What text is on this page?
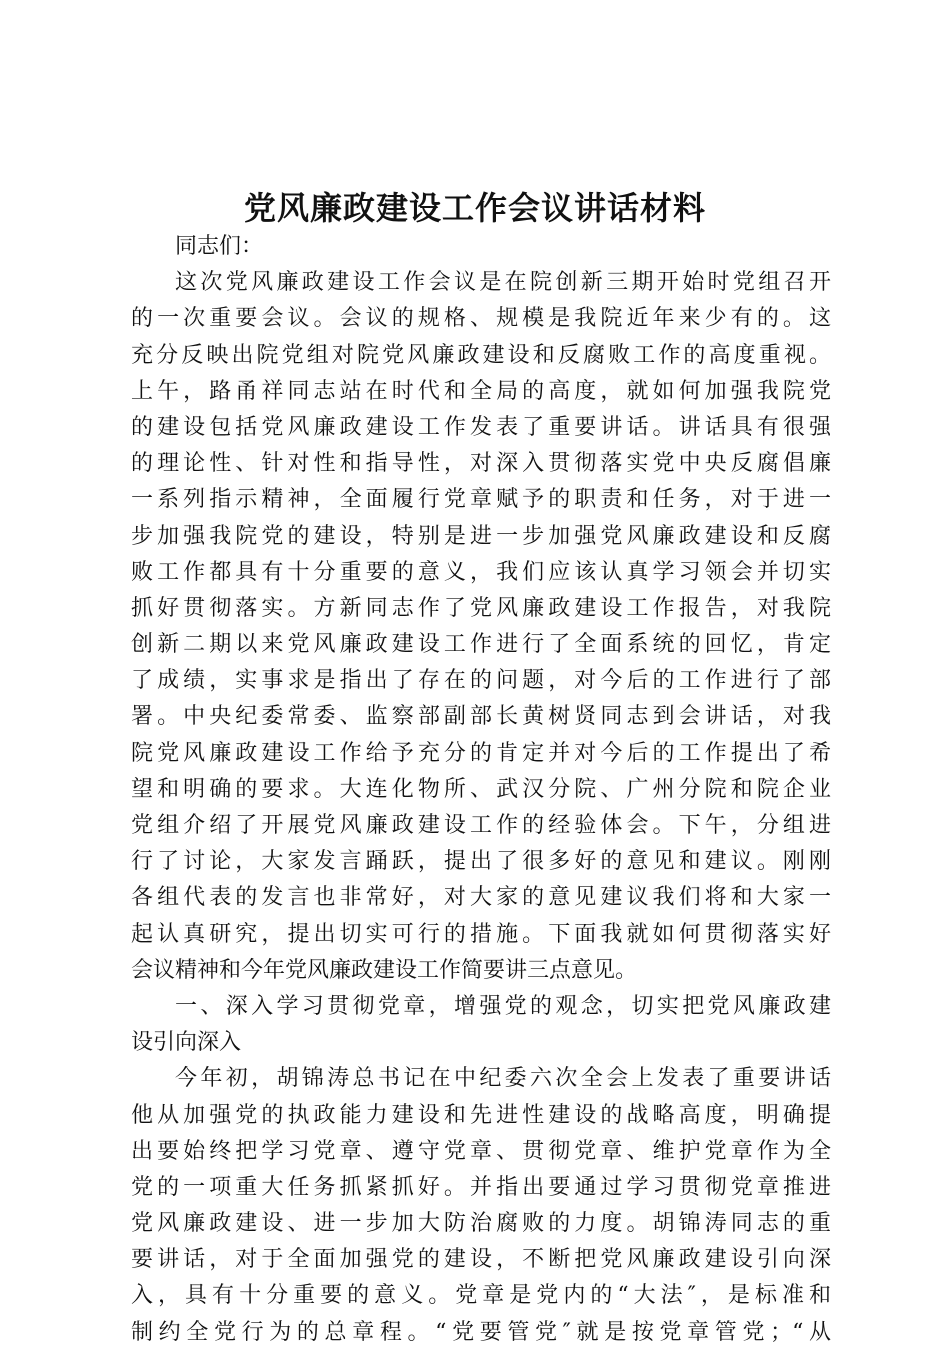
党风廉政建设工作会议讲话材料
同志们：
这次党风廉政建设工作会议是在院创新三期开始时党组召开
的一次重要会议。会议的规格、规模是我院近年来少有的。这
充分反映出院党组对院党风廉政建设和反腐败工作的高度重视。
上午，路甬祥同志站在时代和全局的高度，就如何加强我院党
的建设包括党风廉政建设工作发表了重要讲话。讲话具有很强
的理论性、针对性和指导性，对深入贯彻落实党中央反腐倡廉
一系列指示精神，全面履行党章赋予的职责和任务，对于进一
步加强我院党的建设，特别是进一步加强党风廉政建设和反腐
败工作都具有十分重要的意义，我们应该认真学习领会并切实
抓好贯彻落实。方新同志作了党风廉政建设工作报告，对我院
创新二期以来党风廉政建设工作进行了全面系统的回忆，肯定
了成绩，实事求是指出了存在的问题，对今后的工作进行了部
署。中央纪委常委、监察部副部长黄树贤同志到会讲话，对我
院党风廉政建设工作给予充分的肯定并对今后的工作提出了希
望和明确的要求。大连化物所、武汉分院、广州分院和院企业
党组介绍了开展党风廉政建设工作的经验体会。下午，分组进
行了讨论，大家发言踊跃，提出了很多好的意见和建议。刚刚
各组代表的发言也非常好，对大家的意见建议我们将和大家一
起认真研究，提出切实可行的措施。下面我就如何贯彻落实好
会议精神和今年党风廉政建设工作简要讲三点意见。
一、深入学习贯彻党章，增强党的观念，切实把党风廉政建
设引向深入
今年初，胡锦涛总书记在中纪委六次全会上发表了重要讲话
他从加强党的执政能力建设和先进性建设的战略高度，明确提
出要始终把学习党章、遵守党章、贯彻党章、维护党章作为全
党的一项重大任务抓紧抓好。并指出要通过学习贯彻党章推进
党风廉政建设、进一步加大防治腐败的力度。胡锦涛同志的重
要讲话，对于全面加强党的建设，不断把党风廉政建设引向深
入，具有十分重要的意义。党章是党内的“大法″，是标准和
制约全党行为的总章程。“党要管党″就是按党章管党；“从
